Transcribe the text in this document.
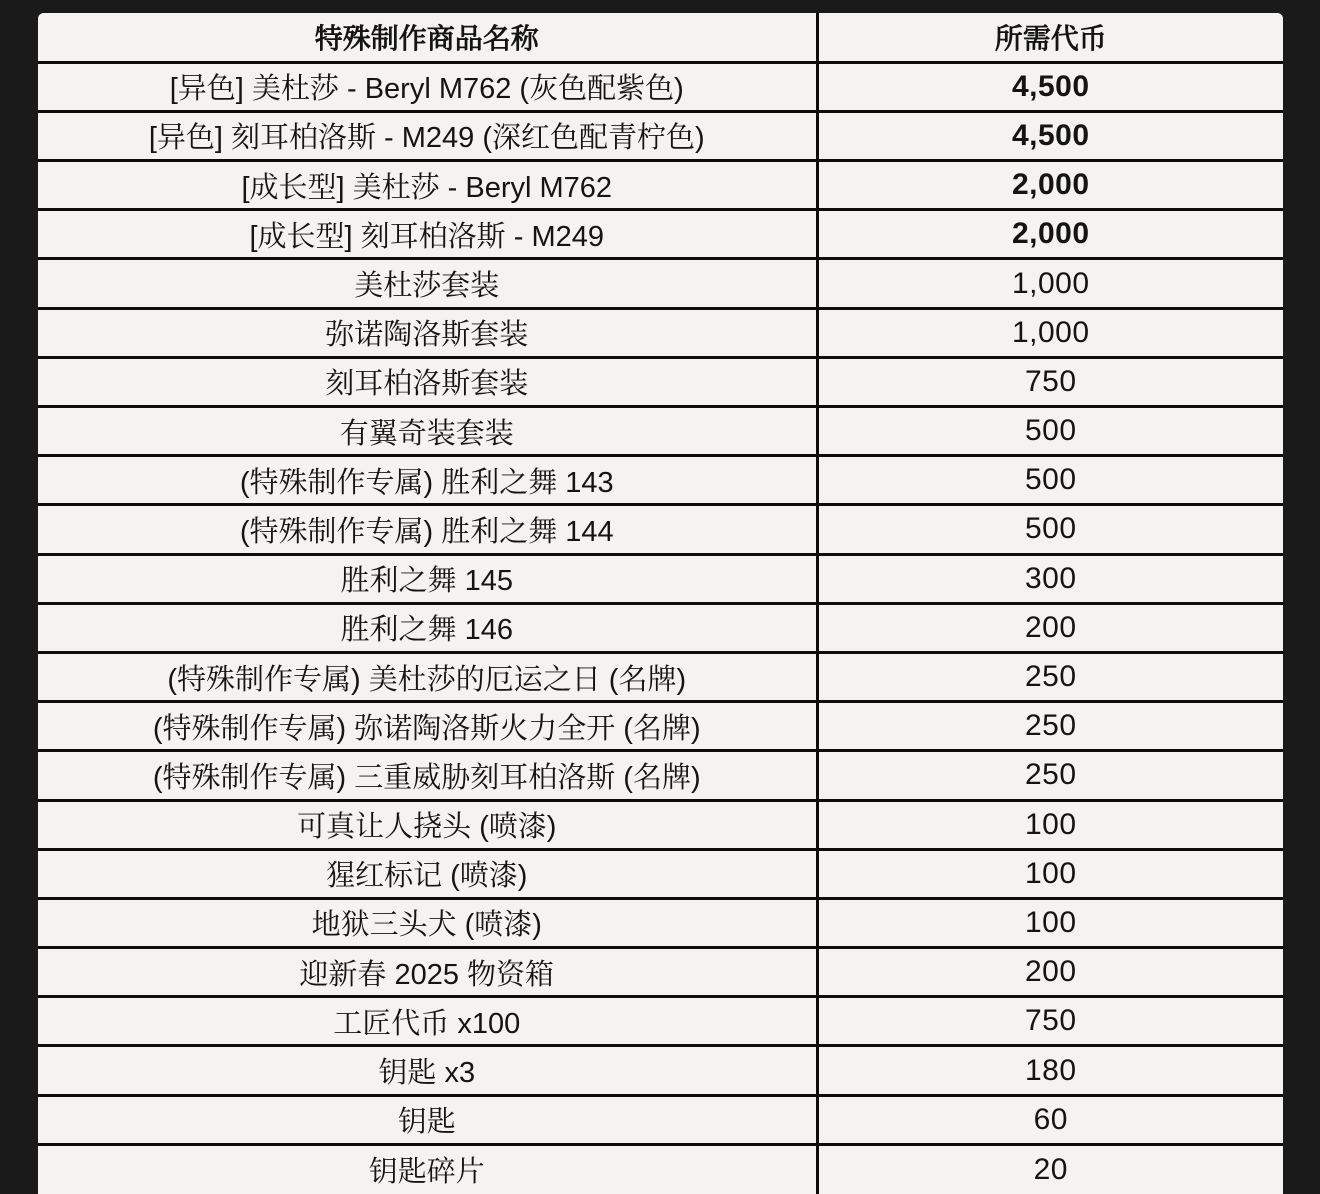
特殊制作商品名称	所需代币
[异色] 美杜莎 - Beryl M762 (灰色配紫色)	4,500
[异色] 刻耳柏洛斯 - M249 (深红色配青柠色)	4,500
[成长型] 美杜莎 - Beryl M762	2,000
[成长型] 刻耳柏洛斯 - M249	2,000
美杜莎套装	1,000
弥诺陶洛斯套装	1,000
刻耳柏洛斯套装	750
有翼奇装套装	500
(特殊制作专属) 胜利之舞 143	500
(特殊制作专属) 胜利之舞 144	500
胜利之舞 145	300
胜利之舞 146	200
(特殊制作专属) 美杜莎的厄运之日 (名牌)	250
(特殊制作专属) 弥诺陶洛斯火力全开 (名牌)	250
(特殊制作专属) 三重威胁刻耳柏洛斯 (名牌)	250
可真让人挠头 (喷漆)	100
猩红标记 (喷漆)	100
地狱三头犬 (喷漆)	100
迎新春 2025 物资箱	200
工匠代币 x100	750
钥匙 x3	180
钥匙	60
钥匙碎片	20
